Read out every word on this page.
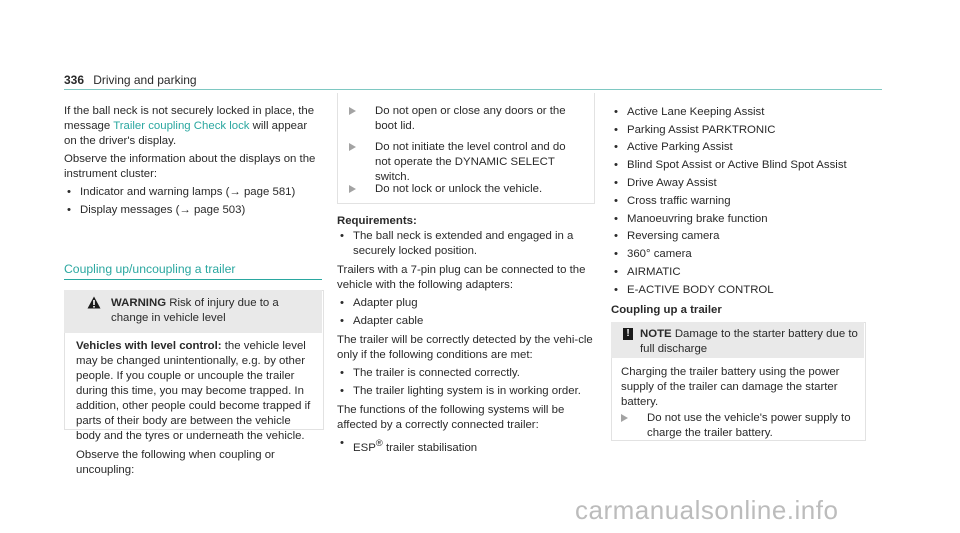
336 Driving and parking

If the ball neck is not securely locked in place, the message Trailer coupling Check lock will appear on the driver's display.

Observe the information about the displays on the instrument cluster:

• Indicator and warning lamps (→ page 581)
• Display messages (→ page 503)
Coupling up/uncoupling a trailer
WARNING Risk of injury due to a change in vehicle level

Vehicles with level control: the vehicle level may be changed unintentionally, e.g. by other people. If you couple or uncouple the trailer during this time, you may become trapped. In addition, other people could become trapped if parts of their body are between the vehicle body and the tyres or underneath the vehicle.

Observe the following when coupling or uncoupling:

Do not open or close any doors or the boot lid.
Do not initiate the level control and do not operate the DYNAMIC SELECT switch.
Do not lock or unlock the vehicle.

Requirements:

• The ball neck is extended and engaged in a securely locked position.

Trailers with a 7-pin plug can be connected to the vehicle with the following adapters:

• Adapter plug
• Adapter cable

The trailer will be correctly detected by the vehi-cle only if the following conditions are met:

• The trailer is connected correctly.
• The trailer lighting system is in working order.

The functions of the following systems will be affected by a correctly connected trailer:

• ESP® trailer stabilisation
• Active Lane Keeping Assist
• Parking Assist PARKTRONIC
• Active Parking Assist
• Blind Spot Assist or Active Blind Spot Assist
• Drive Away Assist
• Cross traffic warning
• Manoeuvring brake function
• Reversing camera
• 360° camera
• AIRMATIC
• E-ACTIVE BODY CONTROL
Coupling up a trailer
! NOTE Damage to the starter battery due to full discharge
Charging the trailer battery using the power supply of the trailer can damage the starter battery.
Do not use the vehicle's power supply to charge the trailer battery.
carmanualsonline.info
